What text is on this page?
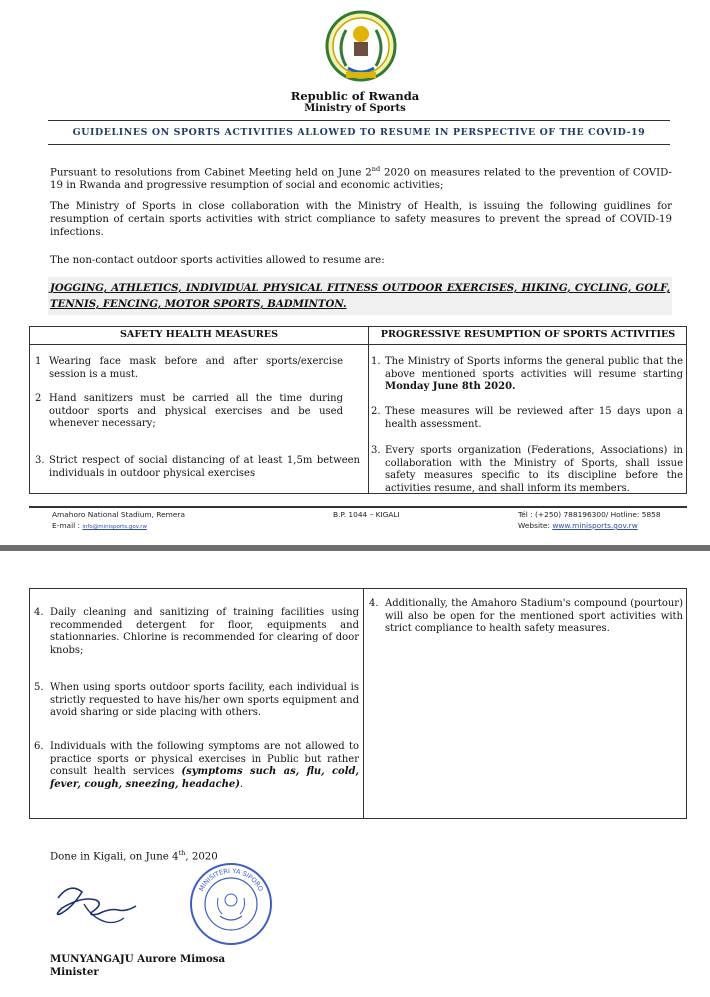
Republic of Rwanda
Ministry of Sports
GUIDELINES ON SPORTS ACTIVITIES ALLOWED TO RESUME IN PERSPECTIVE OF THE COVID-19
Pursuant to resolutions from Cabinet Meeting held on June 2nd 2020 on measures related to the prevention of COVID-19 in Rwanda and progressive resumption of social and economic activities;
The Ministry of Sports in close collaboration with the Ministry of Health, is issuing the following guidlines for resumption of certain sports activities with strict compliance to safety measures to prevent the spread of COVID-19 infections.
The non-contact outdoor sports activities allowed to resume are:
JOGGING, ATHLETICS, INDIVIDUAL PHYSICAL FITNESS OUTDOOR EXERCISES, HIKING, CYCLING, GOLF, TENNIS, FENCING, MOTOR SPORTS, BADMINTON.
SAFETY HEALTH MEASURES	PROGRESSIVE RESUMPTION OF SPORTS ACTIVITIES
1 Wearing face mask before and after sports/exercise session is a must.
2 Hand sanitizers must be carried all the time during outdoor sports and physical exercises and be used whenever necessary;
3. Strict respect of social distancing of at least 1,5m between individuals in outdoor physical exercises
1. The Ministry of Sports informs the general public that the above mentioned sports activities will resume starting Monday June 8th 2020.
2. These measures will be reviewed after 15 days upon a health assessment.
3. Every sports organization (Federations, Associations) in collaboration with the Ministry of Sports, shall issue safety measures specific to its discipline before the activities resume, and shall inform its members.
Amahoro National Stadium, Remera
E-mail : info@minisports.gov.rw
B.P. 1044 – KIGALI	Tél : (+250) 788196300/ Hotline: 5858
Website: www.minisports.gov.rw
4. Daily cleaning and sanitizing of training facilities using recommended detergent for floor, equipments and stationnaries. Chlorine is recommended for clearing of door knobs;
5. When using sports outdoor sports facility, each individual is strictly requested to have his/her own sports equipment and avoid sharing or side placing with others.
6. Individuals with the following symptoms are not allowed to practice sports or physical exercises in Public but rather consult health services (symptoms such as, flu, cold, fever, cough, sneezing, headache).
4. Additionally, the Amahoro Stadium's compound (pourtour) will also be open for the mentioned sport activities with strict compliance to health safety measures.
Done in Kigali, on June 4th, 2020
MINISITERI YA SIPORO
MUNYANGAJU Aurore Mimosa
Minister
